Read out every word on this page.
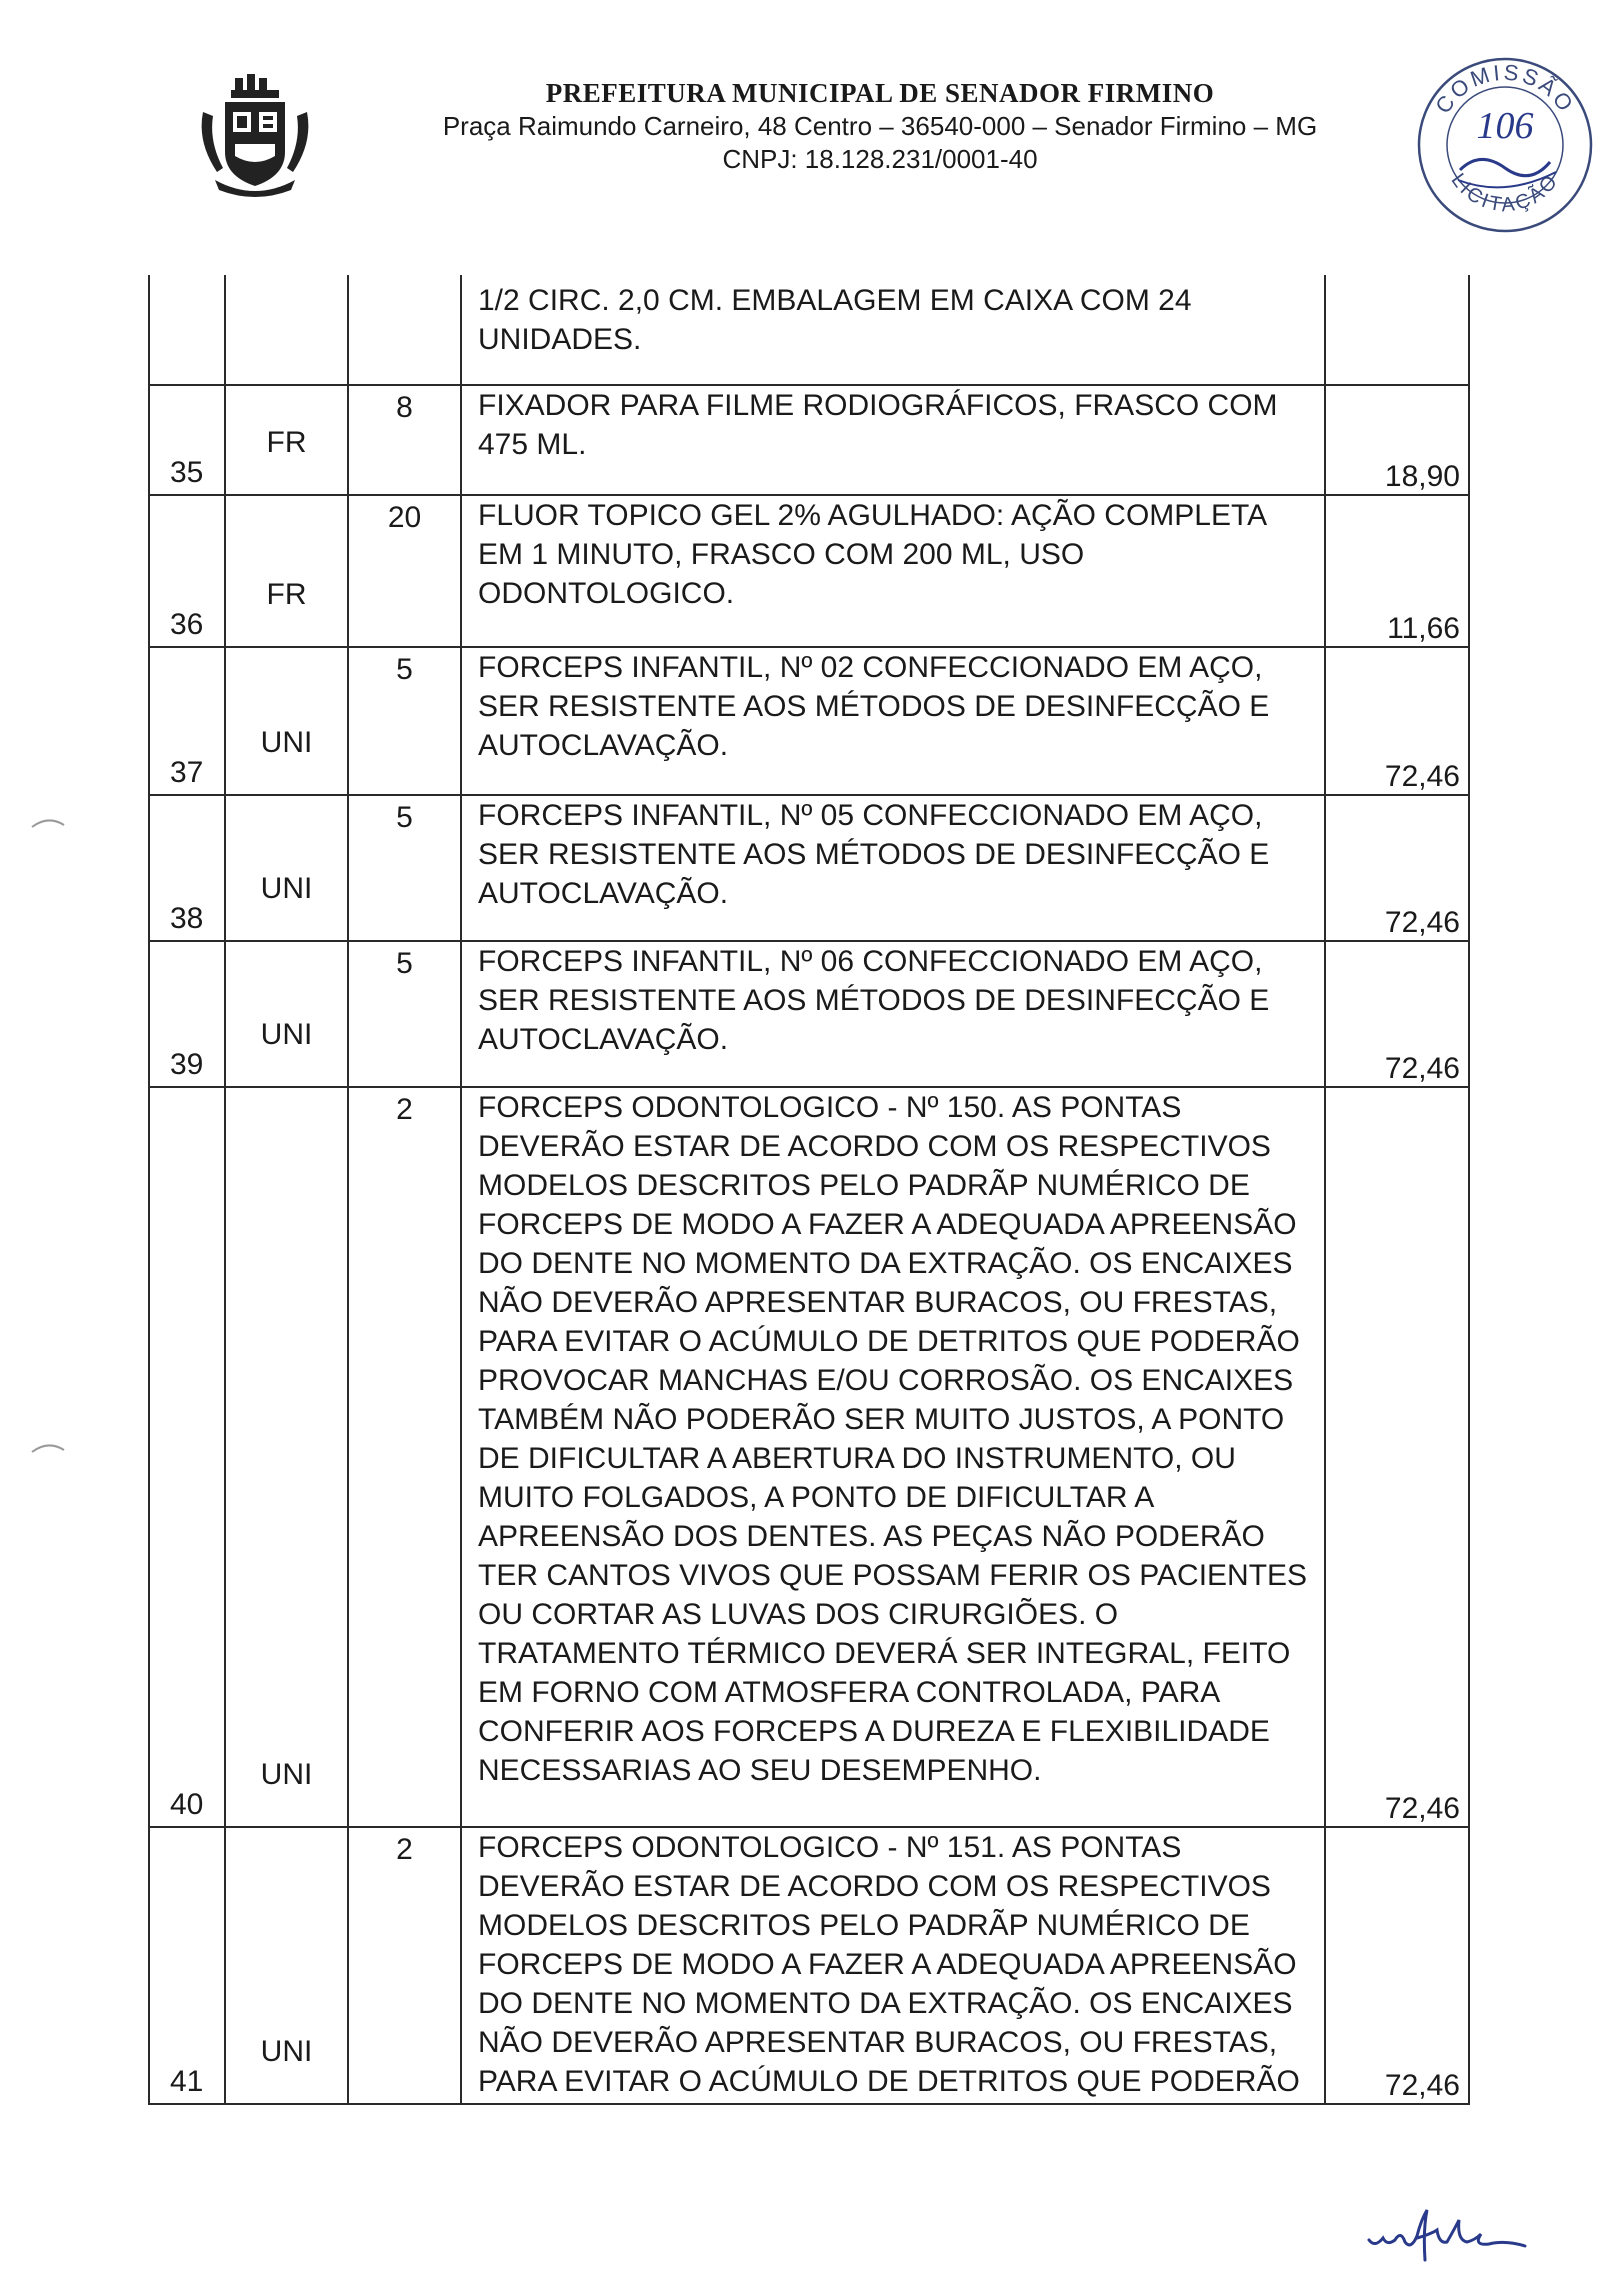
PREFEITURA MUNICIPAL DE SENADOR FIRMINO
Praça Raimundo Carneiro, 48 Centro – 36540-000 – Senador Firmino – MG
CNPJ: 18.128.231/0001-40
COMISSÃO
LICITAÇÃO
106

			1/2 CIRC. 2,0 CM. EMBALAGEM EM CAIXA COM 24 UNIDADES.	

35	FR	8	FIXADOR PARA FILME RODIOGRÁFICOS, FRASCO COM 475 ML.	18,90

36	FR	20	FLUOR TOPICO GEL 2% AGULHADO: AÇÃO COMPLETA EM 1 MINUTO, FRASCO COM 200 ML, USO ODONTOLOGICO.	11,66

37	UNI	5	FORCEPS INFANTIL, Nº 02 CONFECCIONADO EM AÇO, SER RESISTENTE AOS MÉTODOS DE DESINFECÇÃO E AUTOCLAVAÇÃO.	72,46

38	UNI	5	FORCEPS INFANTIL, Nº 05 CONFECCIONADO EM AÇO, SER RESISTENTE AOS MÉTODOS DE DESINFECÇÃO E AUTOCLAVAÇÃO.	72,46

39	UNI	5	FORCEPS INFANTIL, Nº 06 CONFECCIONADO EM AÇO, SER RESISTENTE AOS MÉTODOS DE DESINFECÇÃO E AUTOCLAVAÇÃO.	72,46

40	UNI	2	FORCEPS ODONTOLOGICO - Nº 150. AS PONTAS DEVERÃO ESTAR DE ACORDO COM OS RESPECTIVOS MODELOS DESCRITOS PELO PADRÃP NUMÉRICO DE FORCEPS DE MODO A FAZER A ADEQUADA APREENSÃO DO DENTE NO MOMENTO DA EXTRAÇÃO. OS ENCAIXES NÃO DEVERÃO APRESENTAR BURACOS, OU FRESTAS, PARA EVITAR O ACÚMULO DE DETRITOS QUE PODERÃO PROVOCAR MANCHAS E/OU CORROSÃO. OS ENCAIXES TAMBÉM NÃO PODERÃO SER MUITO JUSTOS, A PONTO DE DIFICULTAR A ABERTURA DO INSTRUMENTO, OU MUITO FOLGADOS, A PONTO DE DIFICULTAR A APREENSÃO DOS DENTES. AS PEÇAS NÃO PODERÃO TER CANTOS VIVOS QUE POSSAM FERIR OS PACIENTES OU CORTAR AS LUVAS DOS CIRURGIÕES. O TRATAMENTO TÉRMICO DEVERÁ SER INTEGRAL, FEITO EM FORNO COM ATMOSFERA CONTROLADA, PARA CONFERIR AOS FORCEPS A DUREZA E FLEXIBILIDADE NECESSARIAS AO SEU DESEMPENHO.	72,46

41	UNI	2	FORCEPS ODONTOLOGICO - Nº 151. AS PONTAS DEVERÃO ESTAR DE ACORDO COM OS RESPECTIVOS MODELOS DESCRITOS PELO PADRÃP NUMÉRICO DE FORCEPS DE MODO A FAZER A ADEQUADA APREENSÃO DO DENTE NO MOMENTO DA EXTRAÇÃO. OS ENCAIXES NÃO DEVERÃO APRESENTAR BURACOS, OU FRESTAS, PARA EVITAR O ACÚMULO DE DETRITOS QUE PODERÃO	72,46
